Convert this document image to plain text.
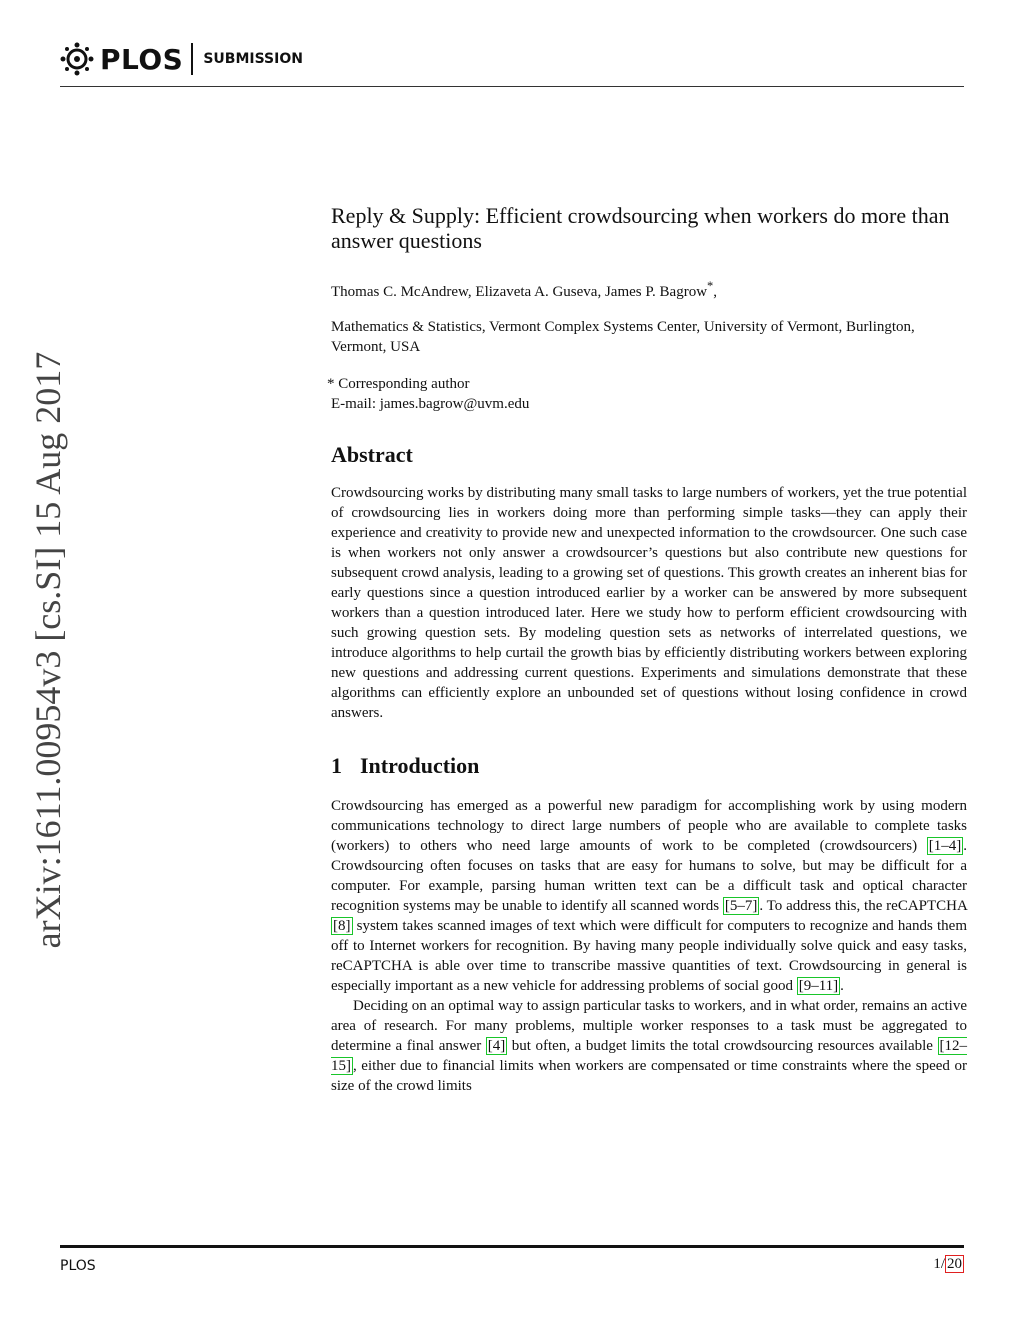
PLOS SUBMISSION
arXiv:1611.00954v3 [cs.SI] 15 Aug 2017
Reply & Supply: Efficient crowdsourcing when workers do more than answer questions
Thomas C. McAndrew, Elizaveta A. Guseva, James P. Bagrow*,
Mathematics & Statistics, Vermont Complex Systems Center, University of Vermont, Burlington, Vermont, USA
* Corresponding author
E-mail: james.bagrow@uvm.edu
Abstract

Crowdsourcing works by distributing many small tasks to large numbers of workers, yet the true potential of crowdsourcing lies in workers doing more than performing simple tasks—they can apply their experience and creativity to provide new and unexpected information to the crowdsourcer. One such case is when workers not only answer a crowdsourcer’s questions but also contribute new questions for subsequent crowd analysis, leading to a growing set of questions. This growth creates an inherent bias for early questions since a question introduced earlier by a worker can be answered by more subsequent workers than a question introduced later. Here we study how to perform efficient crowdsourcing with such growing question sets. By modeling question sets as networks of interrelated questions, we introduce algorithms to help curtail the growth bias by efficiently distributing workers between exploring new questions and addressing current questions. Experiments and simulations demonstrate that these algorithms can efficiently explore an unbounded set of questions without losing confidence in crowd answers.

1 Introduction

Crowdsourcing has emerged as a powerful new paradigm for accomplishing work by using modern communications technology to direct large numbers of people who are available to complete tasks (workers) to others who need large amounts of work to be completed (crowdsourcers) [1–4] . Crowdsourcing often focuses on tasks that are easy for humans to solve, but may be difficult for a computer. For example, parsing human written text can be a difficult task and optical character recognition systems may be unable to identify all scanned words [5–7] . To address this, the reCAPTCHA [8] system takes scanned images of text which were difficult for computers to recognize and hands them off to Internet workers for recognition. By having many people individually solve quick and easy tasks, reCAPTCHA is able over time to transcribe massive quantities of text. Crowdsourcing in general is especially important as a new vehicle for addressing problems of social good [9–11] .

Deciding on an optimal way to assign particular tasks to workers, and in what order, remains an active area of research. For many problems, multiple worker responses to a task must be aggregated to determine a final answer [4] but often, a budget limits the total crowdsourcing resources available [12–15] , either due to financial limits when workers are compensated or time constraints where the speed or size of the crowd limits

PLOS	1/ 20
